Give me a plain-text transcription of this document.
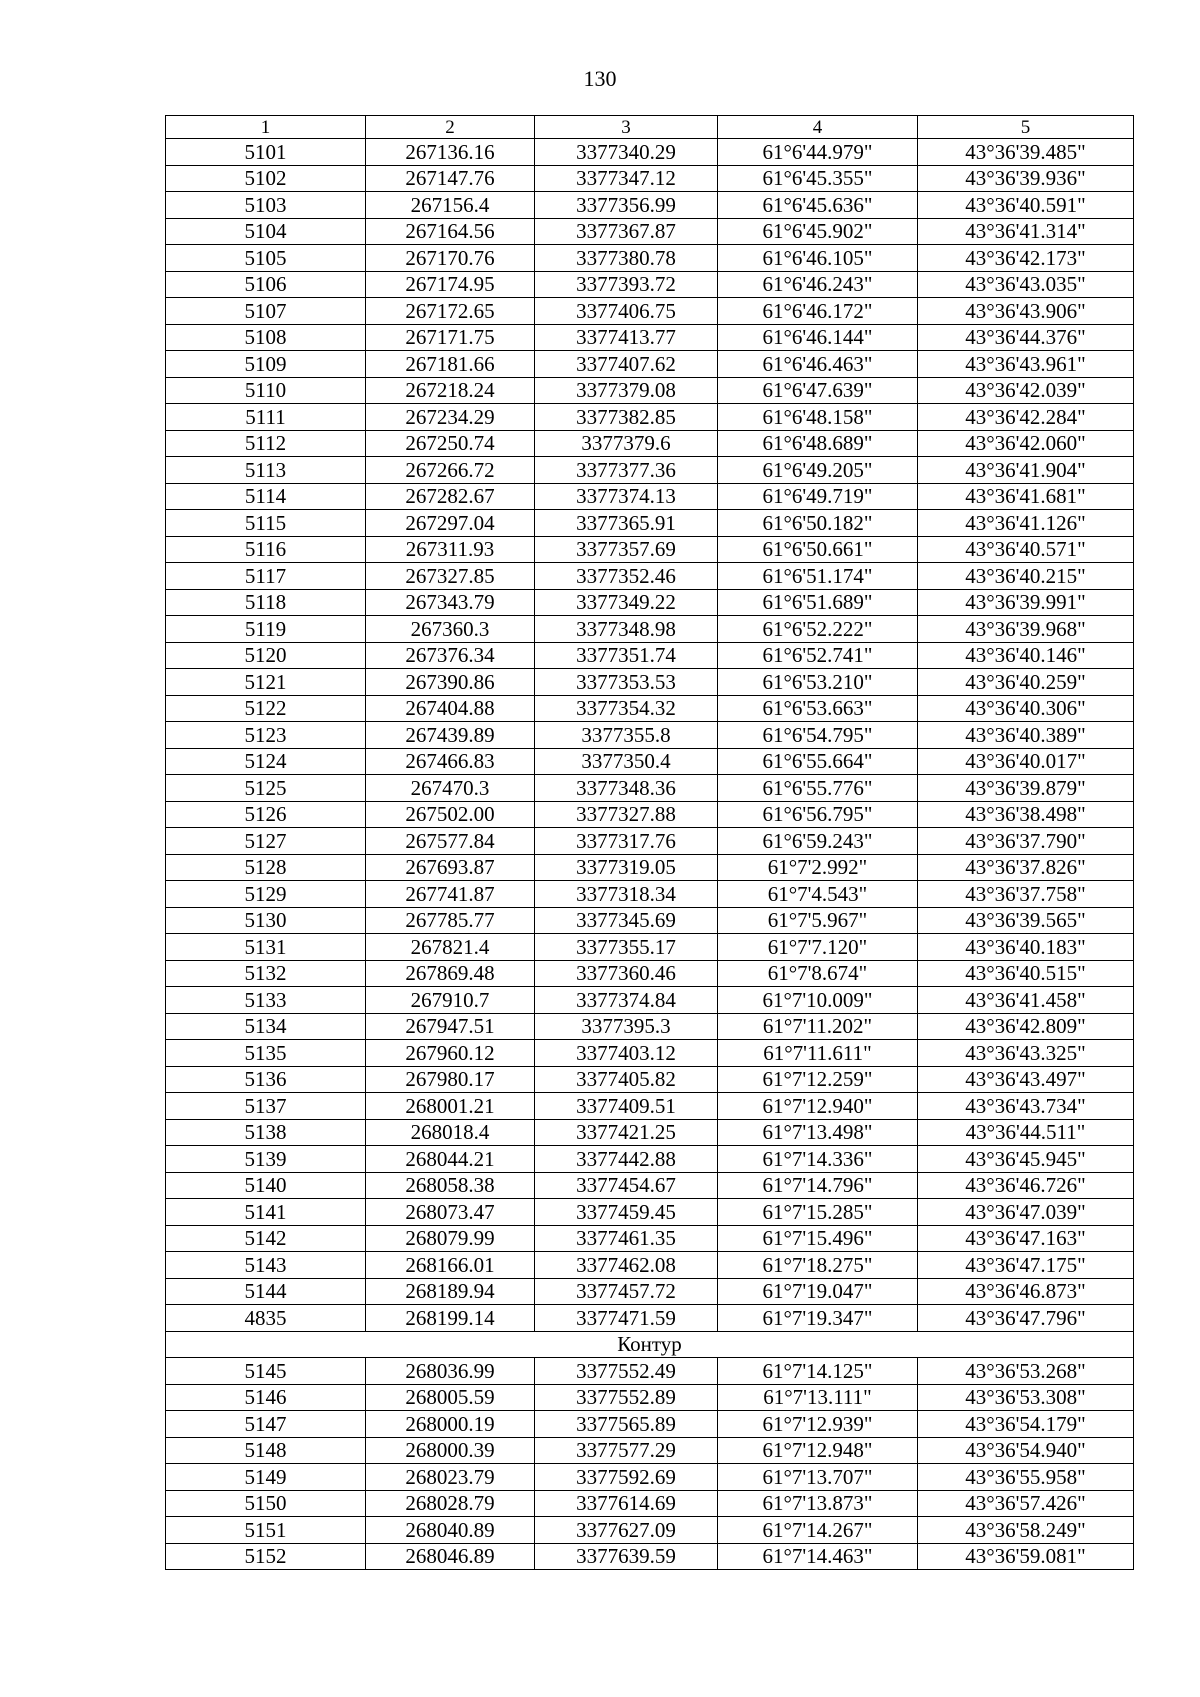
130
1	2	3	4	5
5101	267136.16	3377340.29	61°6'44.979"	43°36'39.485"
5102	267147.76	3377347.12	61°6'45.355"	43°36'39.936"
5103	267156.4	3377356.99	61°6'45.636"	43°36'40.591"
5104	267164.56	3377367.87	61°6'45.902"	43°36'41.314"
5105	267170.76	3377380.78	61°6'46.105"	43°36'42.173"
5106	267174.95	3377393.72	61°6'46.243"	43°36'43.035"
5107	267172.65	3377406.75	61°6'46.172"	43°36'43.906"
5108	267171.75	3377413.77	61°6'46.144"	43°36'44.376"
5109	267181.66	3377407.62	61°6'46.463"	43°36'43.961"
5110	267218.24	3377379.08	61°6'47.639"	43°36'42.039"
5111	267234.29	3377382.85	61°6'48.158"	43°36'42.284"
5112	267250.74	3377379.6	61°6'48.689"	43°36'42.060"
5113	267266.72	3377377.36	61°6'49.205"	43°36'41.904"
5114	267282.67	3377374.13	61°6'49.719"	43°36'41.681"
5115	267297.04	3377365.91	61°6'50.182"	43°36'41.126"
5116	267311.93	3377357.69	61°6'50.661"	43°36'40.571"
5117	267327.85	3377352.46	61°6'51.174"	43°36'40.215"
5118	267343.79	3377349.22	61°6'51.689"	43°36'39.991"
5119	267360.3	3377348.98	61°6'52.222"	43°36'39.968"
5120	267376.34	3377351.74	61°6'52.741"	43°36'40.146"
5121	267390.86	3377353.53	61°6'53.210"	43°36'40.259"
5122	267404.88	3377354.32	61°6'53.663"	43°36'40.306"
5123	267439.89	3377355.8	61°6'54.795"	43°36'40.389"
5124	267466.83	3377350.4	61°6'55.664"	43°36'40.017"
5125	267470.3	3377348.36	61°6'55.776"	43°36'39.879"
5126	267502.00	3377327.88	61°6'56.795"	43°36'38.498"
5127	267577.84	3377317.76	61°6'59.243"	43°36'37.790"
5128	267693.87	3377319.05	61°7'2.992"	43°36'37.826"
5129	267741.87	3377318.34	61°7'4.543"	43°36'37.758"
5130	267785.77	3377345.69	61°7'5.967"	43°36'39.565"
5131	267821.4	3377355.17	61°7'7.120"	43°36'40.183"
5132	267869.48	3377360.46	61°7'8.674"	43°36'40.515"
5133	267910.7	3377374.84	61°7'10.009"	43°36'41.458"
5134	267947.51	3377395.3	61°7'11.202"	43°36'42.809"
5135	267960.12	3377403.12	61°7'11.611"	43°36'43.325"
5136	267980.17	3377405.82	61°7'12.259"	43°36'43.497"
5137	268001.21	3377409.51	61°7'12.940"	43°36'43.734"
5138	268018.4	3377421.25	61°7'13.498"	43°36'44.511"
5139	268044.21	3377442.88	61°7'14.336"	43°36'45.945"
5140	268058.38	3377454.67	61°7'14.796"	43°36'46.726"
5141	268073.47	3377459.45	61°7'15.285"	43°36'47.039"
5142	268079.99	3377461.35	61°7'15.496"	43°36'47.163"
5143	268166.01	3377462.08	61°7'18.275"	43°36'47.175"
5144	268189.94	3377457.72	61°7'19.047"	43°36'46.873"
4835	268199.14	3377471.59	61°7'19.347"	43°36'47.796"
Контур				
5145	268036.99	3377552.49	61°7'14.125"	43°36'53.268"
5146	268005.59	3377552.89	61°7'13.111"	43°36'53.308"
5147	268000.19	3377565.89	61°7'12.939"	43°36'54.179"
5148	268000.39	3377577.29	61°7'12.948"	43°36'54.940"
5149	268023.79	3377592.69	61°7'13.707"	43°36'55.958"
5150	268028.79	3377614.69	61°7'13.873"	43°36'57.426"
5151	268040.89	3377627.09	61°7'14.267"	43°36'58.249"
5152	268046.89	3377639.59	61°7'14.463"	43°36'59.081"
